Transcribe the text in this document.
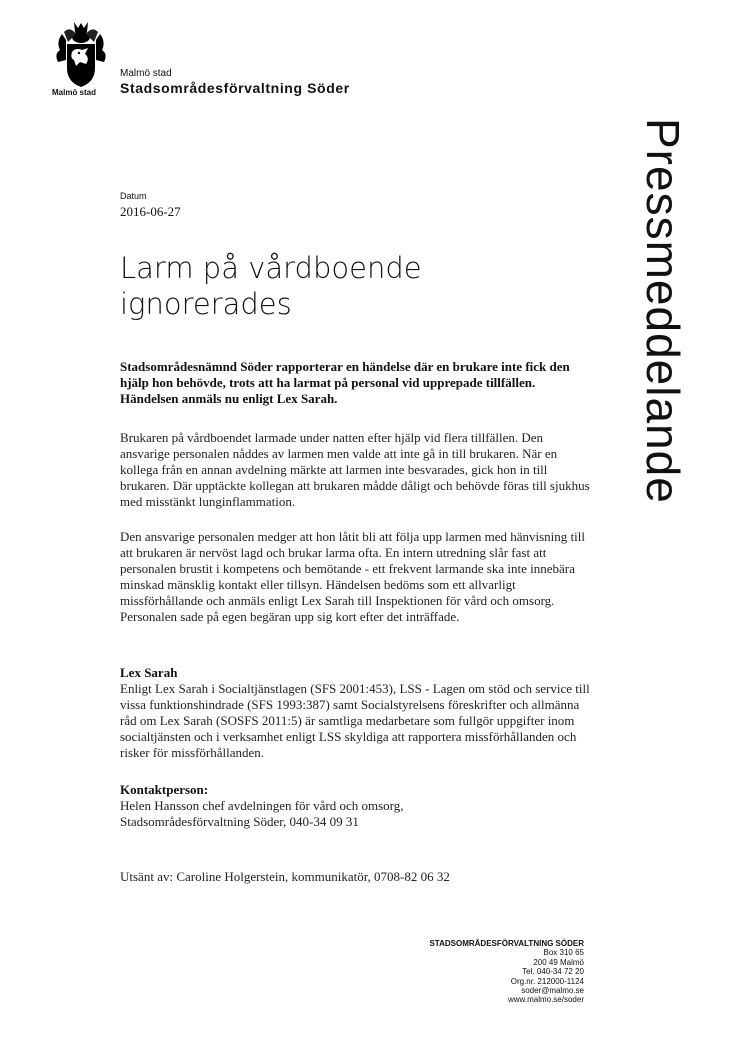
Malmö stad
Malmö stad
Stadsområdesförvaltning Söder
Pressmeddelande
Datum
2016-06-27
Larm på vårdboende
ignorerades
Stadsområdesnämnd Söder rapporterar en händelse där en brukare inte fick den hjälp hon behövde, trots att ha larmat på personal vid upprepade tillfällen. Händelsen anmäls nu enligt Lex Sarah.
Brukaren på vårdboendet larmade under natten efter hjälp vid flera tillfällen. Den ansvarige personalen nåddes av larmen men valde att inte gå in till brukaren. När en kollega från en annan avdelning märkte att larmen inte besvarades, gick hon in till brukaren. Där upptäckte kollegan att brukaren mådde dåligt och behövde föras till sjukhus med misstänkt lunginflammation.
Den ansvarige personalen medger att hon låtit bli att följa upp larmen med hänvisning till att brukaren är nervöst lagd och brukar larma ofta. En intern utredning slår fast att personalen brustit i kompetens och bemötande - ett frekvent larmande ska inte innebära minskad mänsklig kontakt eller tillsyn. Händelsen bedöms som ett allvarligt missförhållande och anmäls enligt Lex Sarah till Inspektionen för vård och omsorg. Personalen sade på egen begäran upp sig kort efter det inträffade.
Lex Sarah
Enligt Lex Sarah i Socialtjänstlagen (SFS 2001:453), LSS - Lagen om stöd och service till vissa funktionshindrade (SFS 1993:387) samt Socialstyrelsens föreskrifter och allmänna råd om Lex Sarah (SOSFS 2011:5) är samtliga medarbetare som fullgör uppgifter inom socialtjänsten och i verksamhet enligt LSS skyldiga att rapportera missförhållanden och risker för missförhållanden.
Kontaktperson:
Helen Hansson chef avdelningen för vård och omsorg,
Stadsområdesförvaltning Söder, 040-34 09 31
Utsänt av: Caroline Holgerstein, kommunikatör, 0708-82 06 32
STADSOMRÅDESFÖRVALTNING SÖDER
Box 310 65
200 49 Malmö
Tel. 040-34 72 20
Org.nr. 212000-1124
soder@malmo.se
www.malmo.se/soder
